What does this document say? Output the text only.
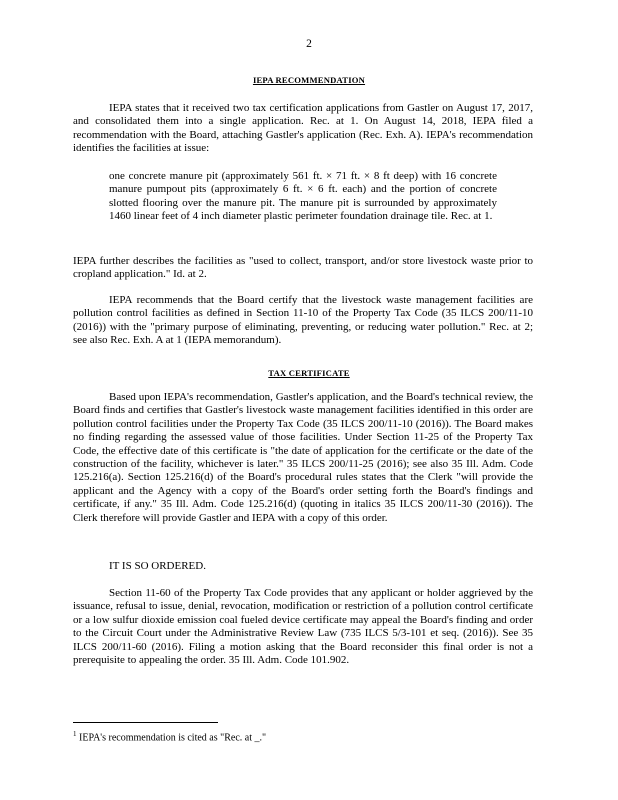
2
IEPA RECOMMENDATION

IEPA states that it received two tax certification applications from Gastler on August 17, 2017, and consolidated them into a single application. Rec. at 1. On August 14, 2018, IEPA filed a recommendation with the Board, attaching Gastler's application (Rec. Exh. A). IEPA's recommendation identifies the facilities at issue:

one concrete manure pit (approximately 561 ft. × 71 ft. × 8 ft deep) with 16 concrete manure pumpout pits (approximately 6 ft. × 6 ft. each) and the portion of concrete slotted flooring over the manure pit. The manure pit is surrounded by approximately 1460 linear feet of 4 inch diameter plastic perimeter foundation drainage tile. Rec. at 1.

IEPA further describes the facilities as "used to collect, transport, and/or store livestock waste prior to cropland application." Id. at 2.

IEPA recommends that the Board certify that the livestock waste management facilities are pollution control facilities as defined in Section 11-10 of the Property Tax Code (35 ILCS 200/11-10 (2016)) with the "primary purpose of eliminating, preventing, or reducing water pollution." Rec. at 2; see also Rec. Exh. A at 1 (IEPA memorandum).

TAX CERTIFICATE

Based upon IEPA's recommendation, Gastler's application, and the Board's technical review, the Board finds and certifies that Gastler's livestock waste management facilities identified in this order are pollution control facilities under the Property Tax Code (35 ILCS 200/11-10 (2016)). The Board makes no finding regarding the assessed value of those facilities. Under Section 11-25 of the Property Tax Code, the effective date of this certificate is "the date of application for the certificate or the date of the construction of the facility, whichever is later." 35 ILCS 200/11-25 (2016); see also 35 Ill. Adm. Code 125.216(a). Section 125.216(d) of the Board's procedural rules states that the Clerk "will provide the applicant and the Agency with a copy of the Board's order setting forth the Board's findings and certificate, if any." 35 Ill. Adm. Code 125.216(d) (quoting in italics 35 ILCS 200/11-30 (2016)). The Clerk therefore will provide Gastler and IEPA with a copy of this order.

IT IS SO ORDERED.

Section 11-60 of the Property Tax Code provides that any applicant or holder aggrieved by the issuance, refusal to issue, denial, revocation, modification or restriction of a pollution control certificate or a low sulfur dioxide emission coal fueled device certificate may appeal the Board's finding and order to the Circuit Court under the Administrative Review Law (735 ILCS 5/3-101 et seq. (2016)). See 35 ILCS 200/11-60 (2016). Filing a motion asking that the Board reconsider this final order is not a prerequisite to appealing the order. 35 Ill. Adm. Code 101.902.

$^1$ IEPA's recommendation is cited as "Rec. at _."
